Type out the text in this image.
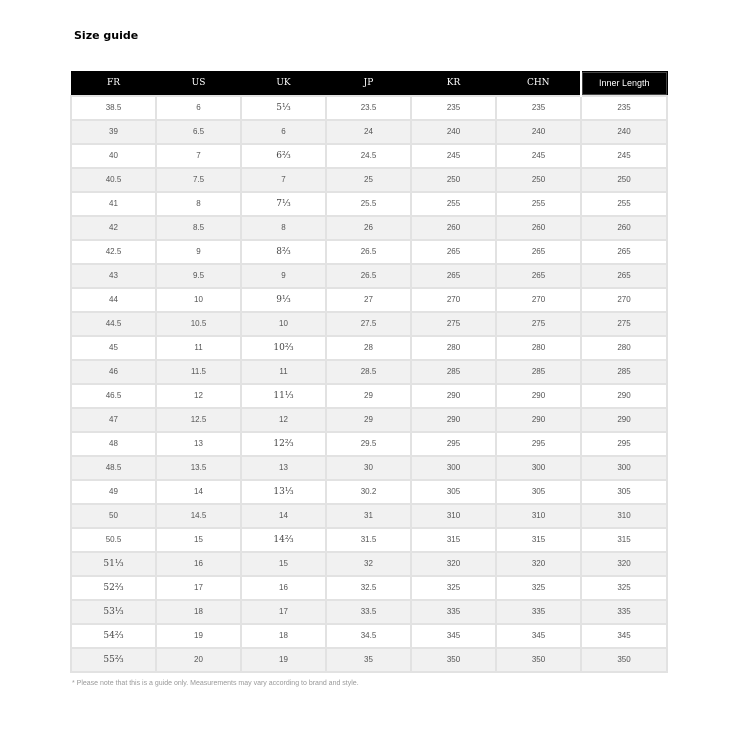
Size guide
FR	US	UK	JP	KR	CHN	Inner Length
38.5	6	5⅓	23.5	235	235	235
39	6.5	6	24	240	240	240
40	7	6⅔	24.5	245	245	245
40.5	7.5	7	25	250	250	250
41	8	7⅓	25.5	255	255	255
42	8.5	8	26	260	260	260
42.5	9	8⅔	26.5	265	265	265
43	9.5	9	26.5	265	265	265
44	10	9⅓	27	270	270	270
44.5	10.5	10	27.5	275	275	275
45	11	10⅔	28	280	280	280
46	11.5	11	28.5	285	285	285
46.5	12	11⅓	29	290	290	290
47	12.5	12	29	290	290	290
48	13	12⅔	29.5	295	295	295
48.5	13.5	13	30	300	300	300
49	14	13⅓	30.2	305	305	305
50	14.5	14	31	310	310	310
50.5	15	14⅔	31.5	315	315	315
51⅓	16	15	32	320	320	320
52⅔	17	16	32.5	325	325	325
53⅓	18	17	33.5	335	335	335
54⅔	19	18	34.5	345	345	345
55⅔	20	19	35	350	350	350
* Please note that this is a guide only. Measurements may vary according to brand and style.
